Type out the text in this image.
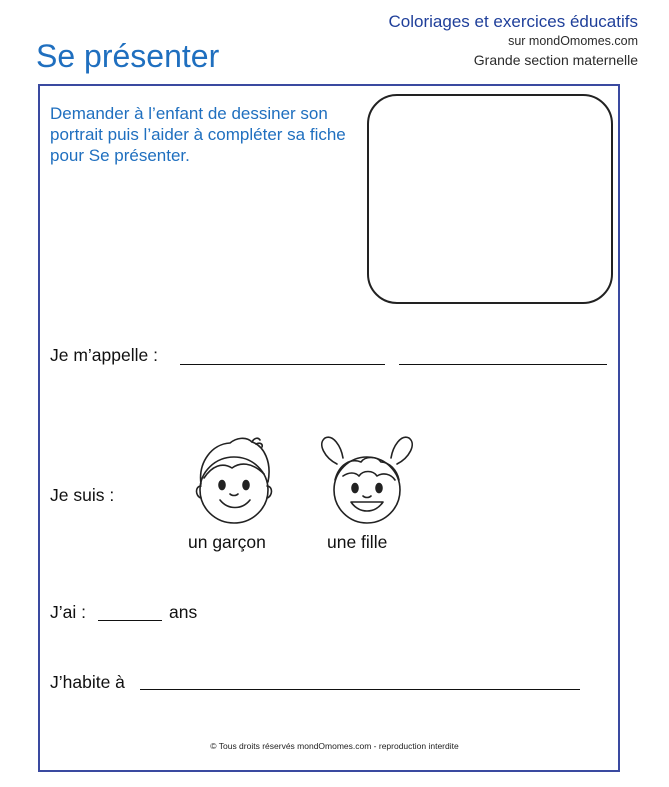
Se présenter
Coloriages et exercices éducatifs
sur mondOmomes.com
Grande section maternelle
Demander à l’enfant de dessiner son portrait puis l’aider à compléter sa fiche pour Se présenter.
Je m’appelle :
Je suis :
un garçon	une fille
J’ai :	ans
J’habite à
© Tous droits réservés mondOmomes.com - reproduction interdite
